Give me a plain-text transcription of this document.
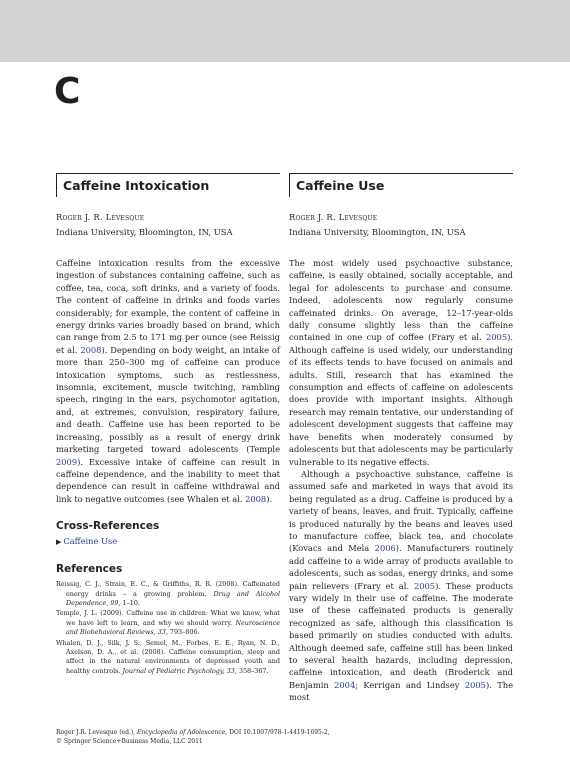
C
Caffeine Intoxication
Roger J. R. Levesque
Indiana University, Bloomington, IN, USA

Caffeine intoxication results from the excessive ingestion of substances containing caffeine, such as coffee, tea, coca, soft drinks, and a variety of foods. The content of caffeine in drinks and foods varies considerably; for example, the content of caffeine in energy drinks varies broadly based on brand, which can range from 2.5 to 171 mg per ounce (see Reissig et al. 2008). Depending on body weight, an intake of more than 250–300 mg of caffeine can produce intoxication symptoms, such as restlessness, insomnia, excitement, muscle twitching, rambling speech, ringing in the ears, psychomotor agitation, and, at extremes, convulsion, respiratory failure, and death. Caffeine use has been reported to be increasing, possibly as a result of energy drink marketing targeted toward adolescents (Temple 2009). Excessive intake of caffeine can result in caffeine dependence, and the inability to meet that dependence can result in caffeine withdrawal and link to negative outcomes (see Whalen et al. 2008).

Cross-References
▶ Caffeine Use
References
Reissig, C. J., Strain, E. C., & Griffiths, R. R. (2008). Caffeinated energy drinks – a growing problem. Drug and Alcohol Dependence, 99, 1–10.
Temple, J. L. (2009). Caffeine use in children: What we know, what we have left to learn, and why we should worry. Neuroscience and Biobehavioral Reviews, 33, 793–806.
Whalen, D. J., Silk, J. S., Semel, M., Forbes, E. E., Ryan, N. D., Axelson, D. A., et al. (2008). Caffeine consumption, sleep and affect in the natural environments of depressed youth and healthy controls. Journal of Pediatric Psychology, 33, 358–367.
Caffeine Use
Roger J. R. Levesque
Indiana University, Bloomington, IN, USA

The most widely used psychoactive substance, caffeine, is easily obtained, socially acceptable, and legal for adolescents to purchase and consume. Indeed, adolescents now regularly consume caffeinated drinks. On average, 12–17-year-olds daily consume slightly less than the caffeine contained in one cup of coffee (Frary et al. 2005). Although caffeine is used widely, our understanding of its effects tends to have focused on animals and adults. Still, research that has examined the consumption and effects of caffeine on adolescents does provide with important insights. Although research may remain tentative, our understanding of adolescent development suggests that caffeine may have benefits when moderately consumed by adolescents but that adolescents may be particularly vulnerable to its negative effects.

Although a psychoactive substance, caffeine is assumed safe and marketed in ways that avoid its being regulated as a drug. Caffeine is produced by a variety of beans, leaves, and fruit. Typically, caffeine is produced naturally by the beans and leaves used to manufacture coffee, black tea, and chocolate (Kovacs and Mela 2006). Manufacturers routinely add caffeine to a wide array of products available to adolescents, such as sodas, energy drinks, and some pain relievers (Frary et al. 2005). These products vary widely in their use of caffeine. The moderate use of these caffeinated products is generally recognized as safe, although this classification is based primarily on studies conducted with adults. Although deemed safe, caffeine still has been linked to several health hazards, including depression, caffeine intoxication, and death (Broderick and Benjamin 2004; Kerrigan and Lindsey 2005). The most

Roger J.R. Levesque (ed.), Encyclopedia of Adolescence, DOI 10.1007/978-1-4419-1695-2,
© Springer Science+Business Media, LLC 2011
